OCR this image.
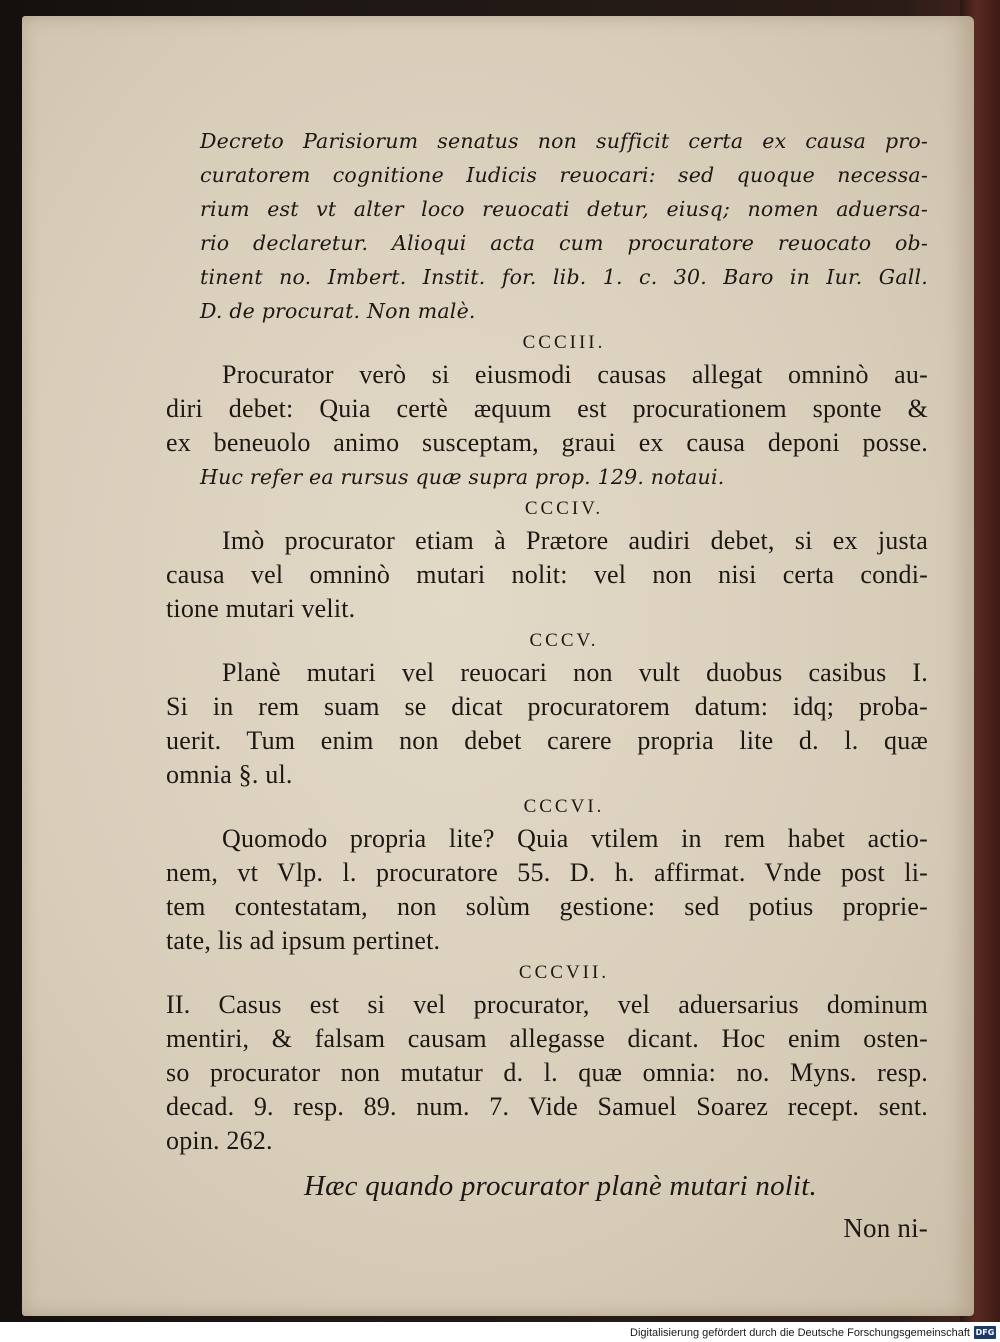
Decreto Parisiorum senatus non sufficit certa ex causa pro-
curatorem cognitione Iudicis reuocari: sed quoque necessa-
rium est vt alter loco reuocati detur, eiusq; nomen aduersa-
rio declaretur. Alioqui acta cum procuratore reuocato ob-
tinent no. Imbert. Instit. for. lib. 1. c. 30. Baro in Iur. Gall.
D. de procurat. Non malè.
CCCIII.
Procurator verò si eiusmodi causas allegat omninò au-
diri debet: Quia certè æquum est procurationem sponte &
ex beneuolo animo susceptam, graui ex causa deponi posse.
Huc refer ea rursus quæ supra prop. 129. notaui.
CCCIV.
Imò procurator etiam à Prætore audiri debet, si ex justa
causa vel omninò mutari nolit: vel non nisi certa condi-
tione mutari velit.
CCCV.
Planè mutari vel reuocari non vult duobus casibus I.
Si in rem suam se dicat procuratorem datum: idq; proba-
uerit. Tum enim non debet carere propria lite d. l. quæ
omnia §. ul.
CCCVI.
Quomodo propria lite? Quia vtilem in rem habet actio-
nem, vt Vlp. l. procuratore 55. D. h. affirmat. Vnde post li-
tem contestatam, non solùm gestione: sed potius proprie-
tate, lis ad ipsum pertinet.
CCCVII.
II. Casus est si vel procurator, vel aduersarius dominum
mentiri, & falsam causam allegasse dicant. Hoc enim osten-
so procurator non mutatur d. l. quæ omnia: no. Myns. resp.
decad. 9. resp. 89. num. 7. Vide Samuel Soarez recept. sent.
opin. 262.
Hæc quando procurator planè mutari nolit.
Non ni-
Digitalisierung gefördert durch die Deutsche Forschungsgemeinschaft DFG
